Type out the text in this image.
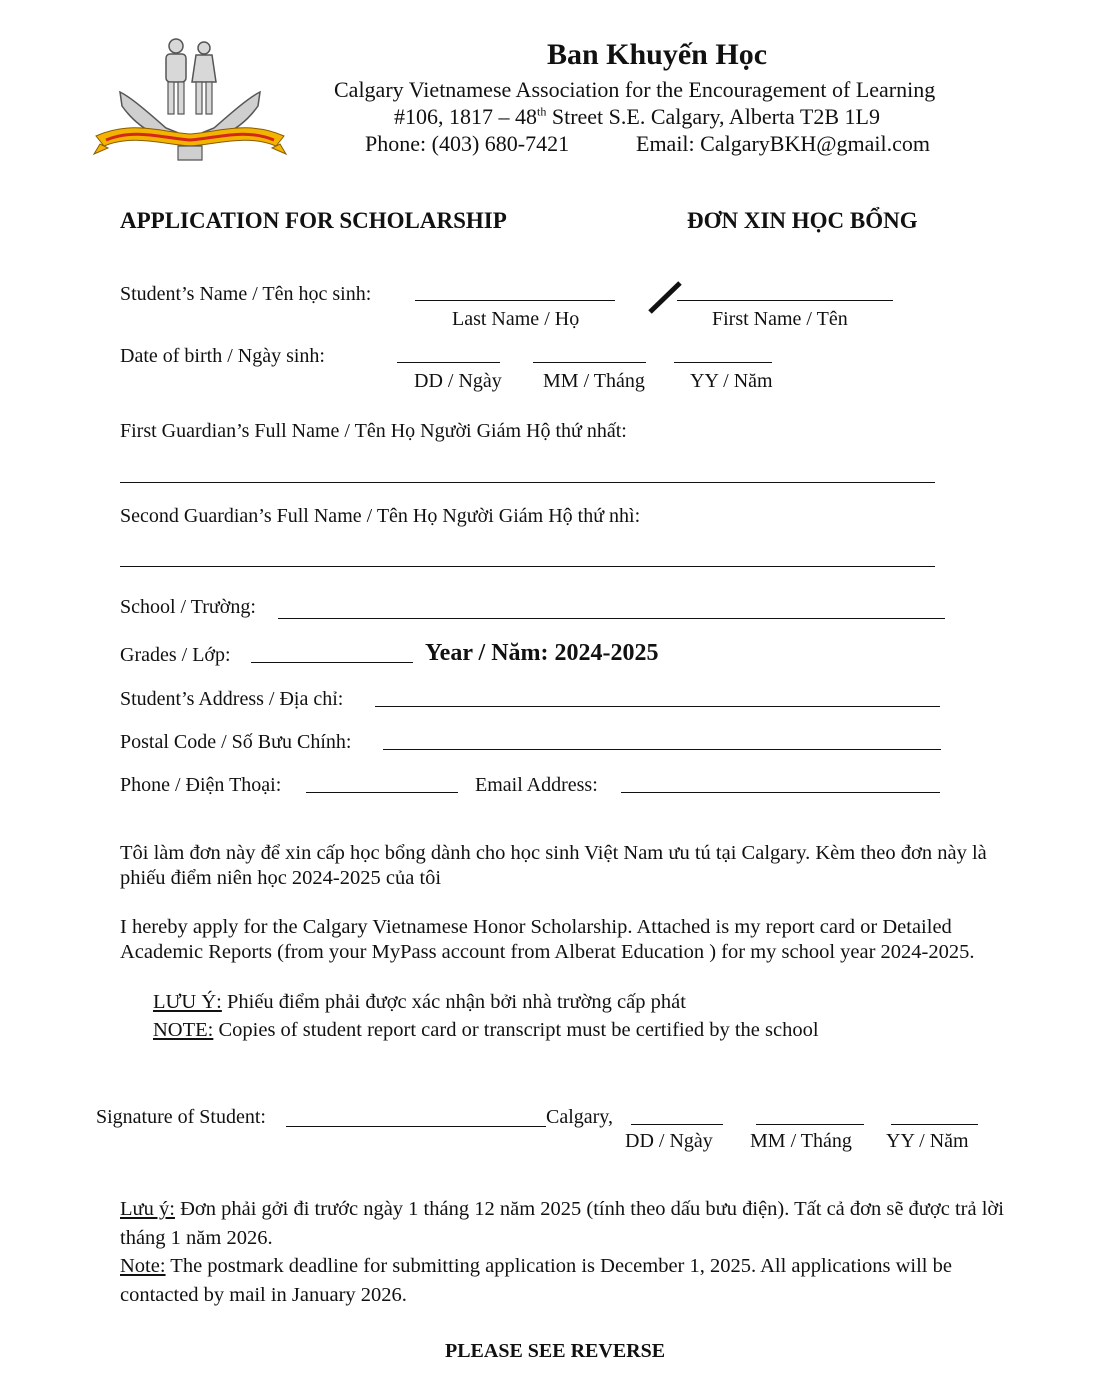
Ban Khuyến Học
Calgary Vietnamese Association for the Encouragement of Learning
#106, 1817 – 48th Street S.E. Calgary, Alberta T2B 1L9
Phone: (403) 680-7421	Email: CalgaryBKH@gmail.com
APPLICATION FOR SCHOLARSHIP	ĐƠN XIN HỌC BỔNG
Student’s Name / Tên học sinh:
Last Name / Họ	First Name / Tên
Date of birth / Ngày sinh:
DD / Ngày MM / Tháng YY / Năm
First Guardian’s Full Name / Tên Họ Người Giám Hộ thứ nhất:
Second Guardian’s Full Name / Tên Họ Người Giám Hộ thứ nhì:
School / Trường:
Grades / Lớp:	Year / Năm: 2024-2025
Student’s Address / Địa chỉ:
Postal Code / Số Bưu Chính:
Phone / Điện Thoại:	Email Address:
Tôi làm đơn này để xin cấp học bổng dành cho học sinh Việt Nam ưu tú tại Calgary. Kèm theo đơn này là phiếu điểm niên học 2024-2025 của tôi
I hereby apply for the Calgary Vietnamese Honor Scholarship. Attached is my report card or Detailed Academic Reports (from your MyPass account from Alberat Education ) for my school year 2024-2025.
LƯU Ý: Phiếu điểm phải được xác nhận bởi nhà trường cấp phát
NOTE: Copies of student report card or transcript must be certified by the school
Signature of Student:	Calgary,
DD / Ngày MM / Tháng YY / Năm
Lưu ý: Đơn phải gởi đi trước ngày 1 tháng 12 năm 2025 (tính theo dấu bưu điện). Tất cả đơn sẽ được trả lời tháng 1 năm 2026.
Note: The postmark deadline for submitting application is December 1, 2025. All applications will be contacted by mail in January 2026.
PLEASE SEE REVERSE
